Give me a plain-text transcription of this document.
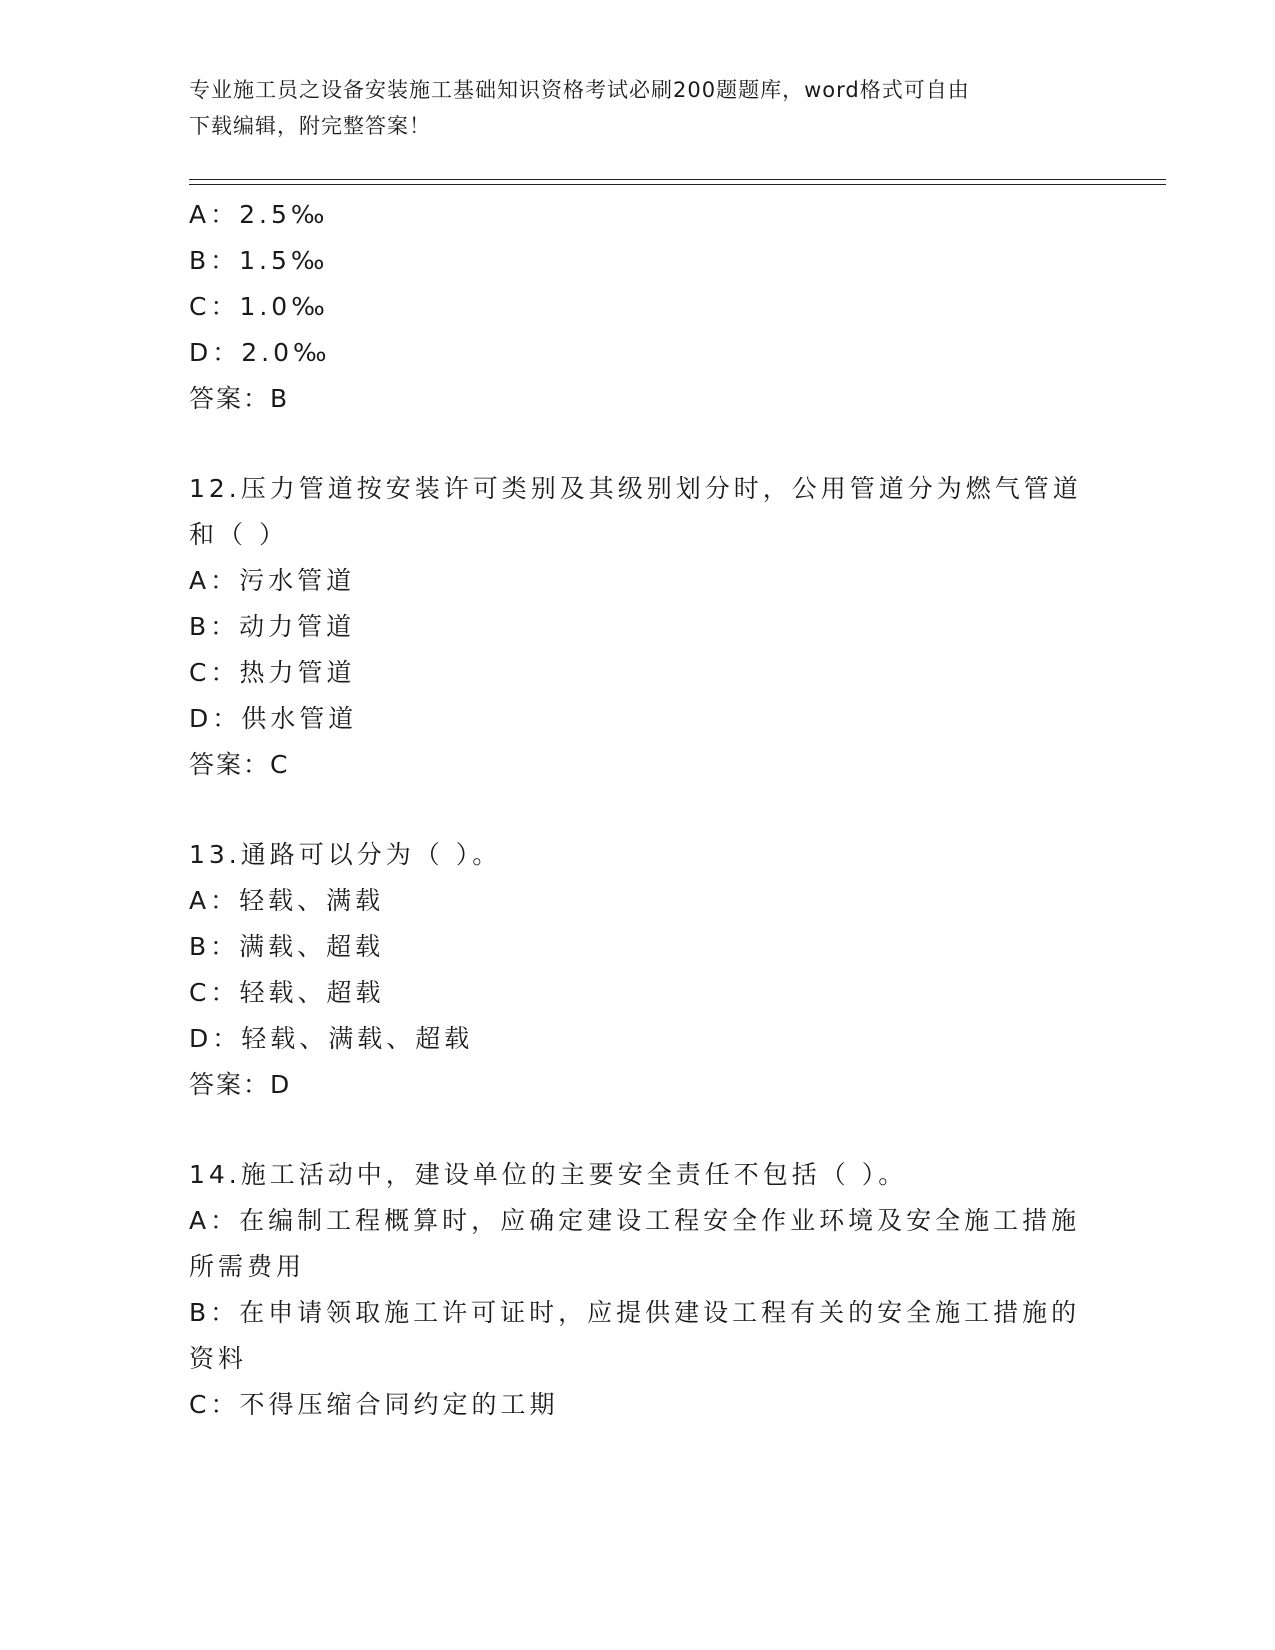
专业施工员之设备安装施工基础知识资格考试必刷200题题库，word格式可自由
下载编辑，附完整答案！
A：2.5‰
B：1.5‰
C：1.0‰
D：2.0‰
答案：B
12.压力管道按安装许可类别及其级别划分时，公用管道分为燃气管道
和（ ）
A：污水管道
B：动力管道
C：热力管道
D：供水管道
答案：C
13.通路可以分为（ ）。
A：轻载、满载
B：满载、超载
C：轻载、超载
D：轻载、满载、超载
答案：D
14.施工活动中，建设单位的主要安全责任不包括（ ）。
A：在编制工程概算时，应确定建设工程安全作业环境及安全施工措施
所需费用
B：在申请领取施工许可证时，应提供建设工程有关的安全施工措施的
资料
C：不得压缩合同约定的工期
